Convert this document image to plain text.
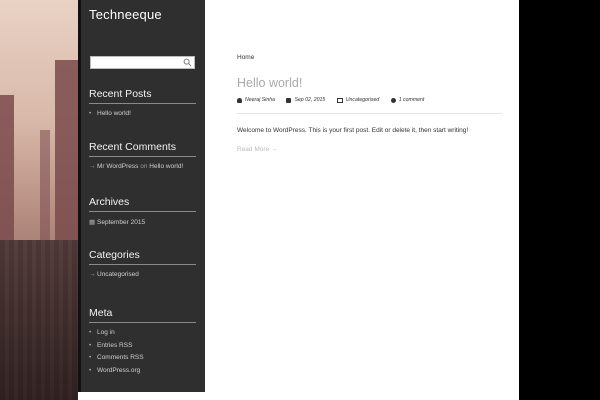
Techneeque
Recent Posts
• Hello world!
Recent Comments
→ Mr WordPress on Hello world!
Archives
▦ September 2015
Categories
→ Uncategorised
Meta
• Log in
• Entries RSS
• Comments RSS
• WordPress.org
Home
Hello world!
Neeraj Sinha	Sep 02, 2015	Uncategorised	1 comment
Welcome to WordPress. This is your first post. Edit or delete it, then start writing!
Read More →
